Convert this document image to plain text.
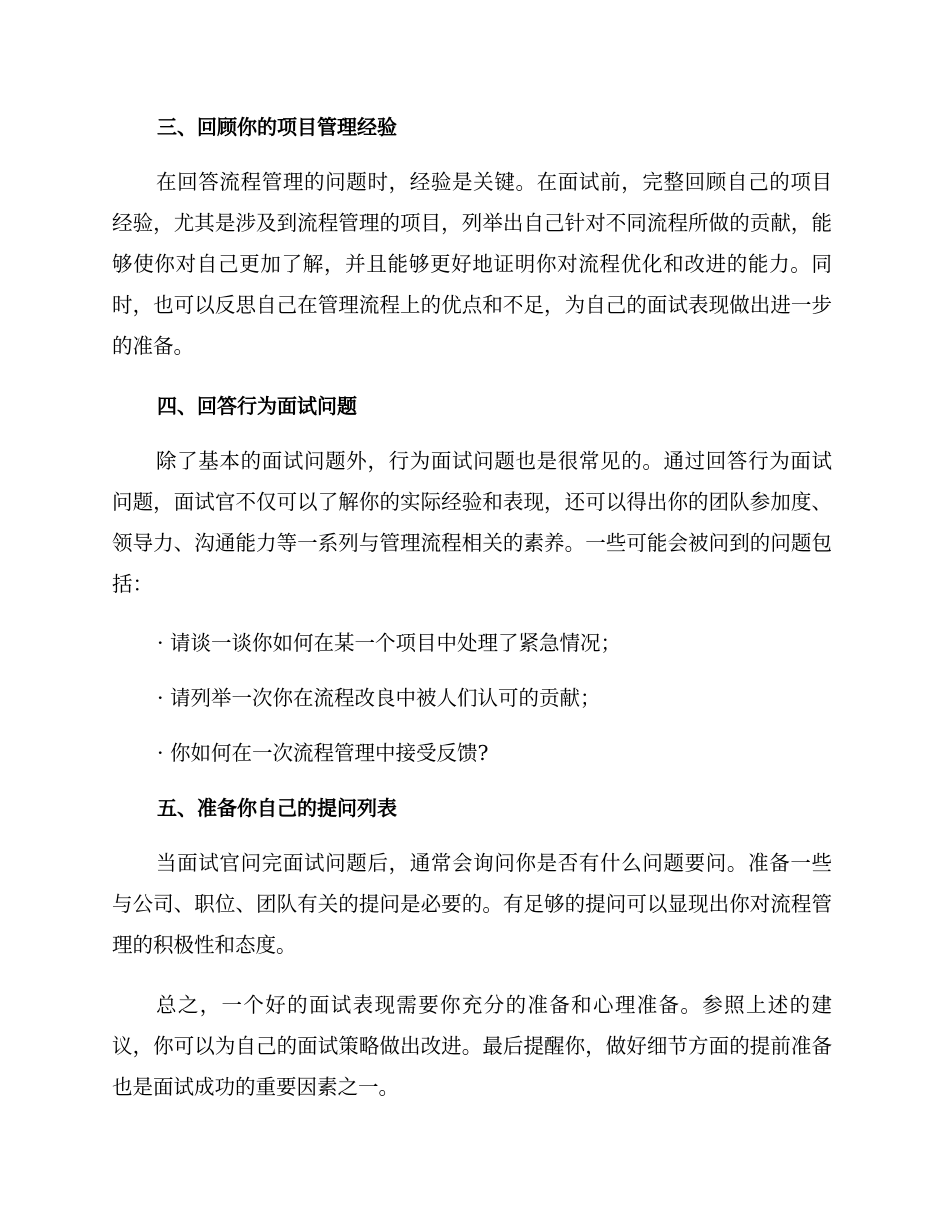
三、回顾你的项目管理经验
在回答流程管理的问题时，经验是关键。在面试前，完整回顾自己的项目经验，尤其是涉及到流程管理的项目，列举出自己针对不同流程所做的贡献，能够使你对自己更加了解，并且能够更好地证明你对流程优化和改进的能力。同时，也可以反思自己在管理流程上的优点和不足，为自己的面试表现做出进一步的准备。
四、回答行为面试问题
除了基本的面试问题外，行为面试问题也是很常见的。通过回答行为面试问题，面试官不仅可以了解你的实际经验和表现，还可以得出你的团队参加度、领导力、沟通能力等一系列与管理流程相关的素养。一些可能会被问到的问题包括：
· 请谈一谈你如何在某一个项目中处理了紧急情况；
· 请列举一次你在流程改良中被人们认可的贡献；
· 你如何在一次流程管理中接受反馈?
五、准备你自己的提问列表
当面试官问完面试问题后，通常会询问你是否有什么问题要问。准备一些与公司、职位、团队有关的提问是必要的。有足够的提问可以显现出你对流程管理的积极性和态度。
总之，一个好的面试表现需要你充分的准备和心理准备。参照上述的建议，你可以为自己的面试策略做出改进。最后提醒你，做好细节方面的提前准备也是面试成功的重要因素之一。
